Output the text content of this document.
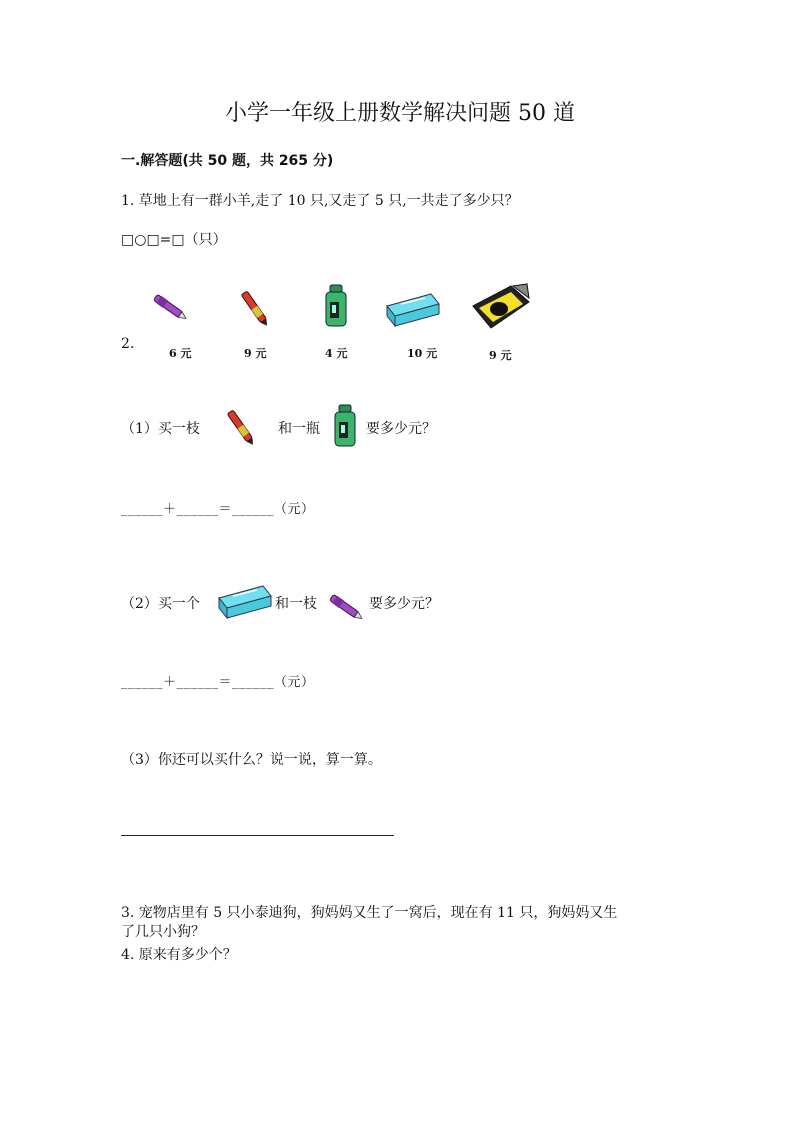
小学一年级上册数学解决问题 50 道
一.解答题(共 50 题，共 265 分)
1. 草地上有一群小羊,走了 10 只,又走了 5 只,一共走了多少只？
□○□=□（只）
2.
6 元	9 元	4 元	10 元	9 元
（1）买一枝	和一瓶	要多少元？
______＋______＝______（元）
（2）买一个	和一枝	要多少元？
______＋______＝______（元）
（3）你还可以买什么？说一说，算一算。
3. 宠物店里有 5 只小泰迪狗，狗妈妈又生了一窝后，现在有 11 只，狗妈妈又生
了几只小狗？
4. 原来有多少个？
